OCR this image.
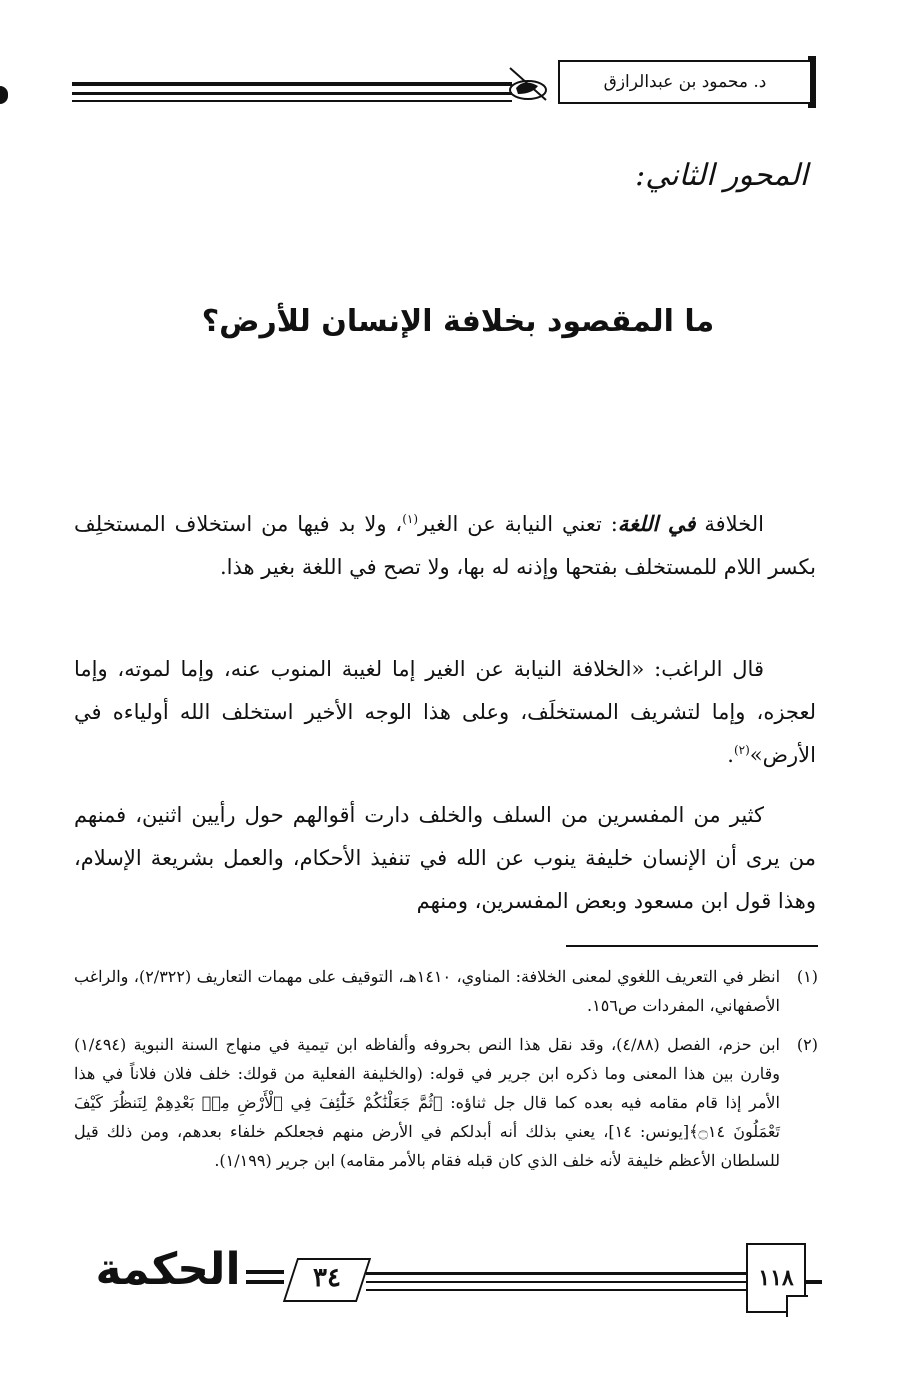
د. محمود بن عبدالرازق
المحور الثاني:
ما المقصود بخلافة الإنسان للأرض؟
الخلافة في اللغة: تعني النيابة عن الغير$^{(١)}$، ولا بد فيها من استخلاف المستخلِف بكسر اللام للمستخلف بفتحها وإذنه له بها، ولا تصح في اللغة بغير هذا.
قال الراغب: «الخلافة النيابة عن الغير إما لغيبة المنوب عنه، وإما لموته، وإما لعجزه، وإما لتشريف المستخلَف، وعلى هذا الوجه الأخير استخلف الله أولياءه في الأرض»$^{(٢)}$.
كثير من المفسرين من السلف والخلف دارت أقوالهم حول رأيين اثنين، فمنهم من يرى أن الإنسان خليفة ينوب عن الله في تنفيذ الأحكام، والعمل بشريعة الإسلام، وهذا قول ابن مسعود وبعض المفسرين، ومنهم
(١)
انظر في التعريف اللغوي لمعنى الخلافة: المناوي، ١٤١٠هـ، التوقيف على مهمات التعاريف (٢/٣٢٢)، والراغب الأصفهاني، المفردات ص١٥٦.
(٢)
ابن حزم، الفصل (٤/٨٨)، وقد نقل هذا النص بحروفه وألفاظه ابن تيمية في منهاج السنة النبوية (١/٤٩٤) وقارن بين هذا المعنى وما ذكره ابن جرير في قوله: (والخليفة الفعلية من قولك: خلف فلان فلاناً في هذا الأمر إذا قام مقامه فيه بعده كما قال جل ثناؤه: ﴿ثُمَّ جَعَلْنَٰكُمْ خَلَٰٓئِفَ فِي ٱلْأَرْضِ مِنۢ بَعْدِهِمْ لِنَنظُرَ كَيْفَ تَعْمَلُونَ ۝١٤﴾[يونس: ١٤]، يعني بذلك أنه أبدلكم في الأرض منهم فجعلكم خلفاء بعدهم، ومن ذلك قيل للسلطان الأعظم خليفة لأنه خلف الذي كان قبله فقام بالأمر مقامه) ابن جرير (١/١٩٩).
الحكمة	٣٤	١١٨
